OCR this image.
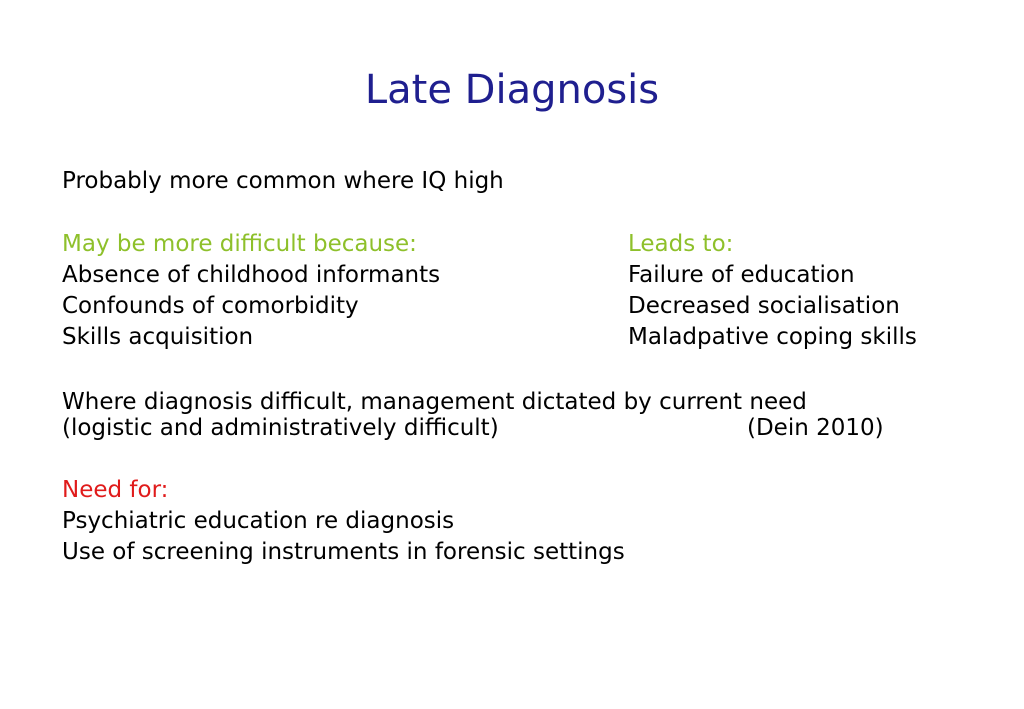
Late Diagnosis
Probably more common where IQ high
May be more difficult because:	Leads to:
Absence of childhood informants	Failure of education
Confounds of comorbidity	Decreased socialisation
Skills acquisition	Maladpative coping skills
Where diagnosis difficult, management dictated by current need
(logistic and administratively difficult)	(Dein 2010)
Need for:
Psychiatric education re diagnosis
Use of screening instruments in forensic settings
